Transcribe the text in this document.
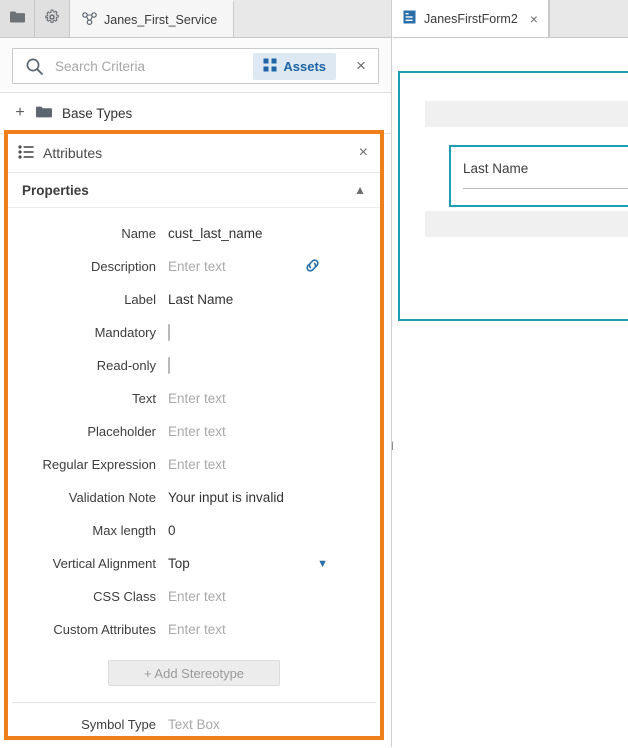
Janes_First_Service
Search Criteria
Assets	×
+	Base Types
Attributes	×
Properties	▲
Name cust_last_name
Description Enter text
Label Last Name
Mandatory
Read-only
Text Enter text
Placeholder Enter text
Regular Expression Enter text
Validation Note Your input is invalid
Max length 0
Vertical Alignment Top	▼
CSS Class Enter text
Custom Attributes Enter text
+ Add Stereotype
Symbol Type Text Box
JanesFirstForm2 ×
Last Name
